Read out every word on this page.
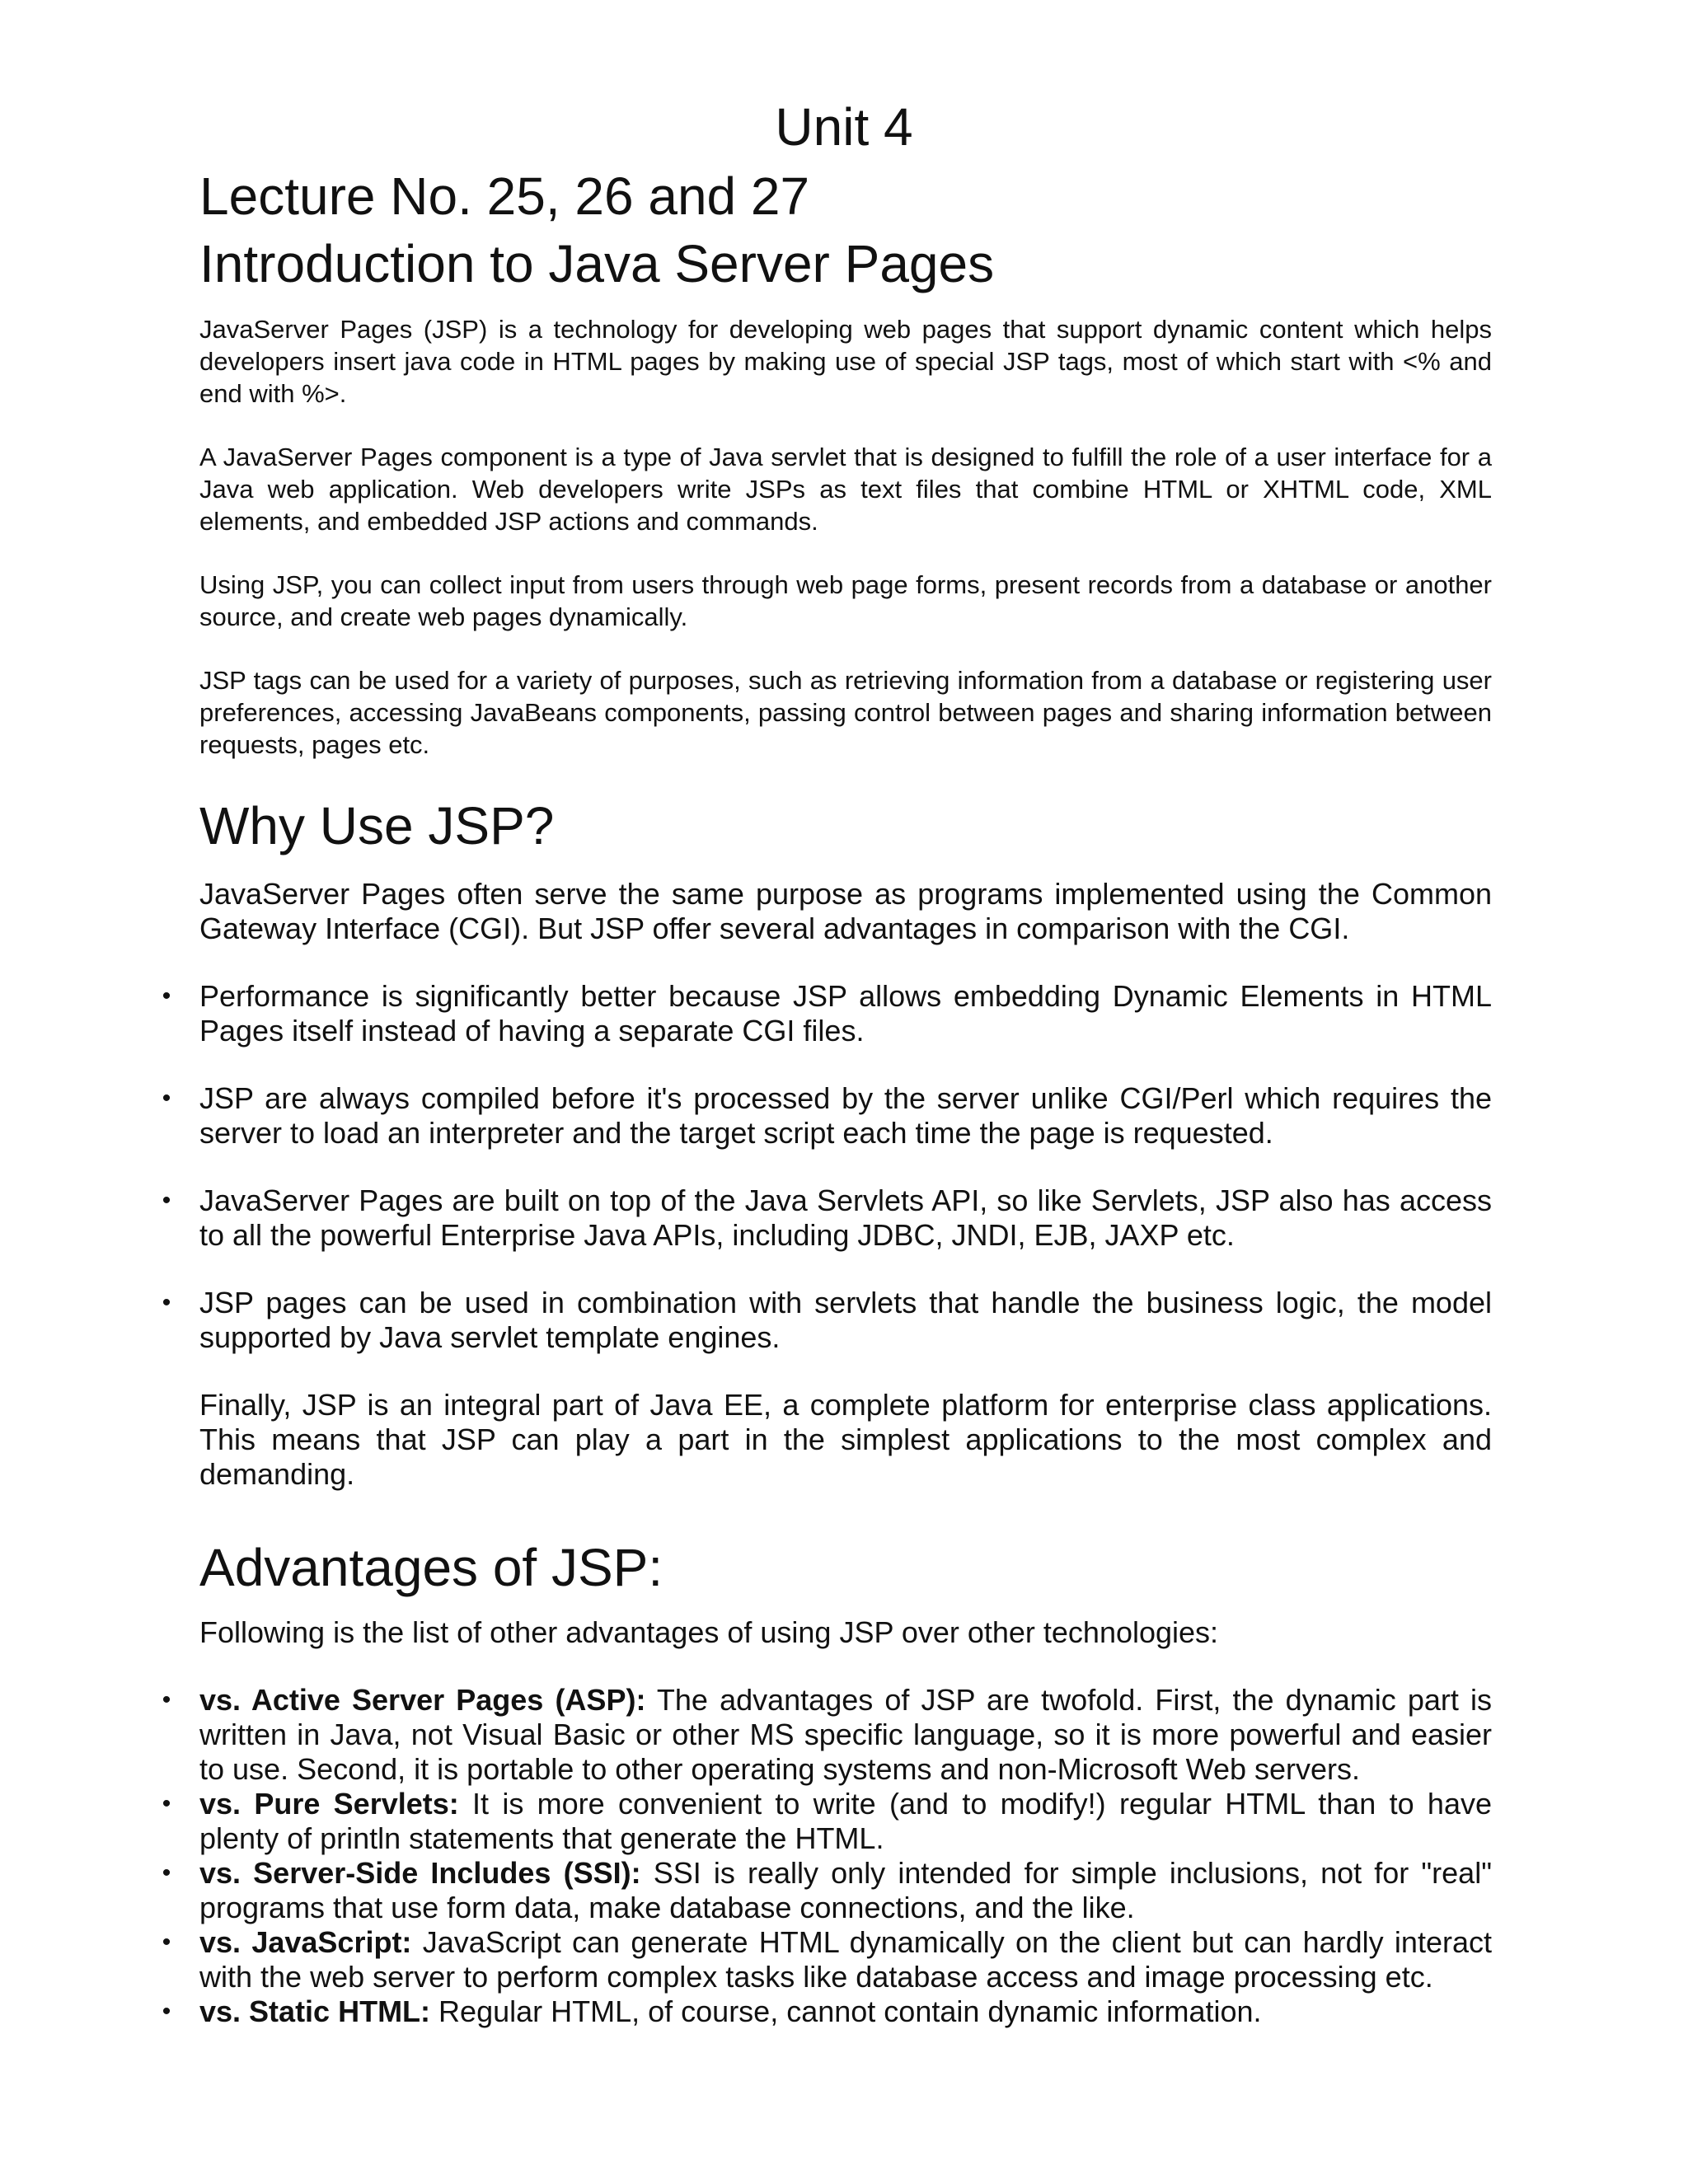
Unit 4
Lecture No. 25, 26 and 27
Introduction to Java Server Pages

JavaServer Pages (JSP) is a technology for developing web pages that support dynamic content which helps developers insert java code in HTML pages by making use of special JSP tags, most of which start with <% and end with %>.

A JavaServer Pages component is a type of Java servlet that is designed to fulfill the role of a user interface for a Java web application. Web developers write JSPs as text files that combine HTML or XHTML code, XML elements, and embedded JSP actions and commands.

Using JSP, you can collect input from users through web page forms, present records from a database or another source, and create web pages dynamically.

JSP tags can be used for a variety of purposes, such as retrieving information from a database or registering user preferences, accessing JavaBeans components, passing control between pages and sharing information between requests, pages etc.

Why Use JSP?

JavaServer Pages often serve the same purpose as programs implemented using the Common Gateway Interface (CGI). But JSP offer several advantages in comparison with the CGI.

• Performance is significantly better because JSP allows embedding Dynamic Elements in HTML Pages itself instead of having a separate CGI files.
• JSP are always compiled before it's processed by the server unlike CGI/Perl which requires the server to load an interpreter and the target script each time the page is requested.
• JavaServer Pages are built on top of the Java Servlets API, so like Servlets, JSP also has access to all the powerful Enterprise Java APIs, including JDBC, JNDI, EJB, JAXP etc.
• JSP pages can be used in combination with servlets that handle the business logic, the model supported by Java servlet template engines.

Finally, JSP is an integral part of Java EE, a complete platform for enterprise class applications. This means that JSP can play a part in the simplest applications to the most complex and demanding.

Advantages of JSP:

Following is the list of other advantages of using JSP over other technologies:

• vs. Active Server Pages (ASP): The advantages of JSP are twofold. First, the dynamic part is written in Java, not Visual Basic or other MS specific language, so it is more powerful and easier to use. Second, it is portable to other operating systems and non-Microsoft Web servers.
• vs. Pure Servlets: It is more convenient to write (and to modify!) regular HTML than to have plenty of println statements that generate the HTML.
• vs. Server-Side Includes (SSI): SSI is really only intended for simple inclusions, not for "real" programs that use form data, make database connections, and the like.
• vs. JavaScript: JavaScript can generate HTML dynamically on the client but can hardly interact with the web server to perform complex tasks like database access and image processing etc.
• vs. Static HTML: Regular HTML, of course, cannot contain dynamic information.
